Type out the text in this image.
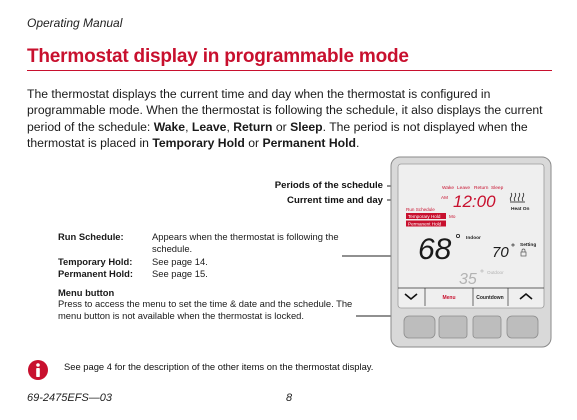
Operating Manual
Thermostat display in programmable mode
The thermostat displays the current time and day when the thermostat is configured in programmable mode. When the thermostat is following the schedule, it also displays the current period of the schedule: Wake, Leave, Return or Sleep. The period is not displayed when the thermostat is placed in Temporary Hold or Permanent Hold.
Periods of the schedule
Current time and day
Run Schedule:	Appears when the thermostat is following the schedule.
Temporary Hold: See page 14.
Permanent Hold: See page 15.
Menu button
Press to access the menu to set the time & date and the schedule. The menu button is not available when the thermostat is locked.
Wake Leave Return Sleep
AM 12:00	Heat On
Run Schedule
Temporary Hold Mo
Permanent Hold
68	Indoor
70 Setting
35 Outdoor
Menu	Countdown
See page 4 for the description of the other items on the thermostat display.
69-2475EFS—03	8
